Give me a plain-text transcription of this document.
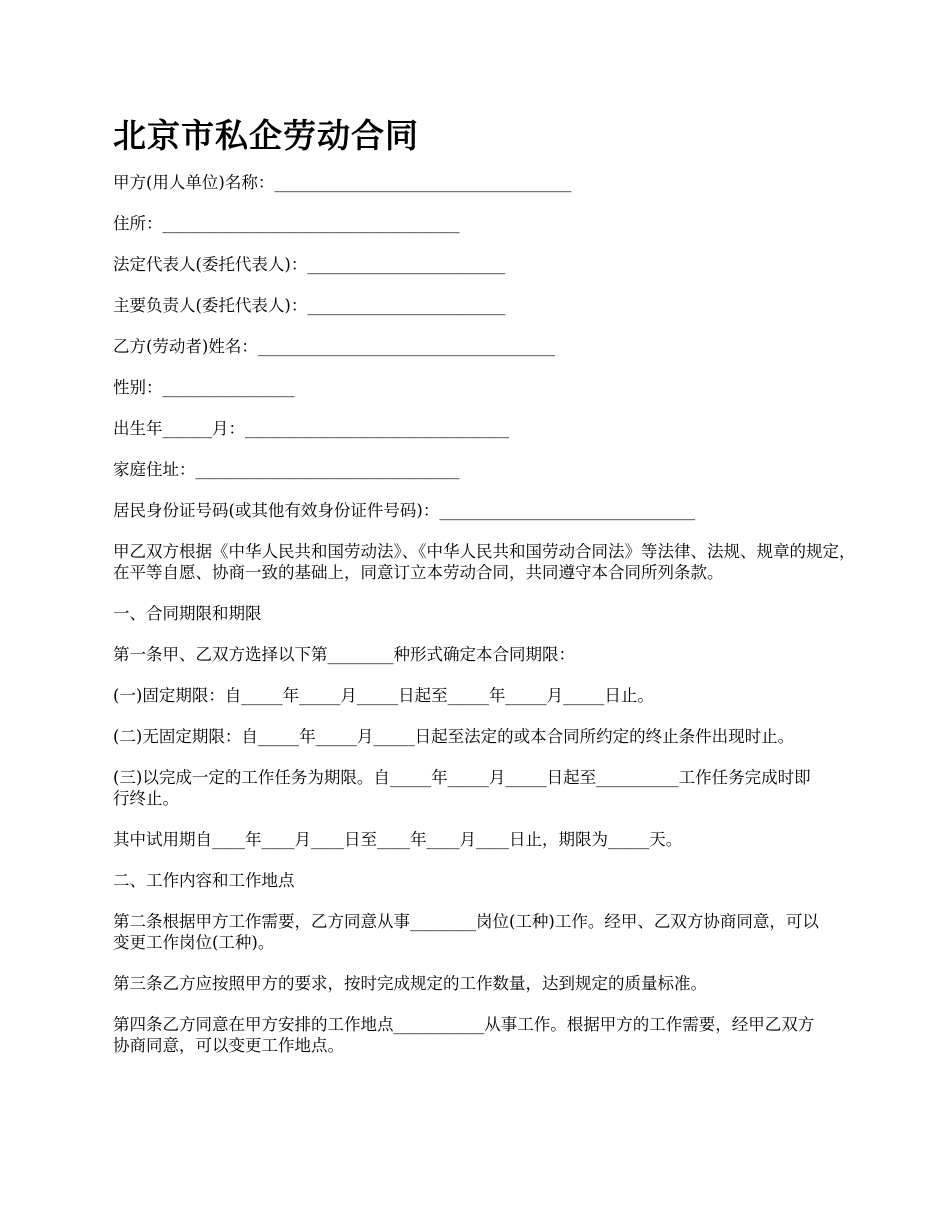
北京市私企劳动合同

甲方(用人单位)名称：____________________________________

住所：____________________________________

法定代表人(委托代表人)：________________________

主要负责人(委托代表人)：________________________

乙方(劳动者)姓名：____________________________________

性别：________________

出生年______月：________________________________

家庭住址：________________________________

居民身份证号码(或其他有效身份证件号码)：_______________________________

甲乙双方根据《中华人民共和国劳动法》、《中华人民共和国劳动合同法》等法律、法规、规章的规定，在平等自愿、协商一致的基础上，同意订立本劳动合同，共同遵守本合同所列条款。

一、合同期限和期限

第一条甲、乙双方选择以下第________种形式确定本合同期限：

(一)固定期限：自_____年_____月_____日起至_____年_____月_____日止。

(二)无固定期限：自_____年_____月_____日起至法定的或本合同所约定的终止条件出现时止。

(三)以完成一定的工作任务为期限。自_____年_____月_____日起至__________工作任务完成时即行终止。

其中试用期自____年____月____日至____年____月____日止，期限为_____天。

二、工作内容和工作地点

第二条根据甲方工作需要，乙方同意从事________岗位(工种)工作。经甲、乙双方协商同意，可以变更工作岗位(工种)。

第三条乙方应按照甲方的要求，按时完成规定的工作数量，达到规定的质量标准。

第四条乙方同意在甲方安排的工作地点___________从事工作。根据甲方的工作需要，经甲乙双方协商同意，可以变更工作地点。
